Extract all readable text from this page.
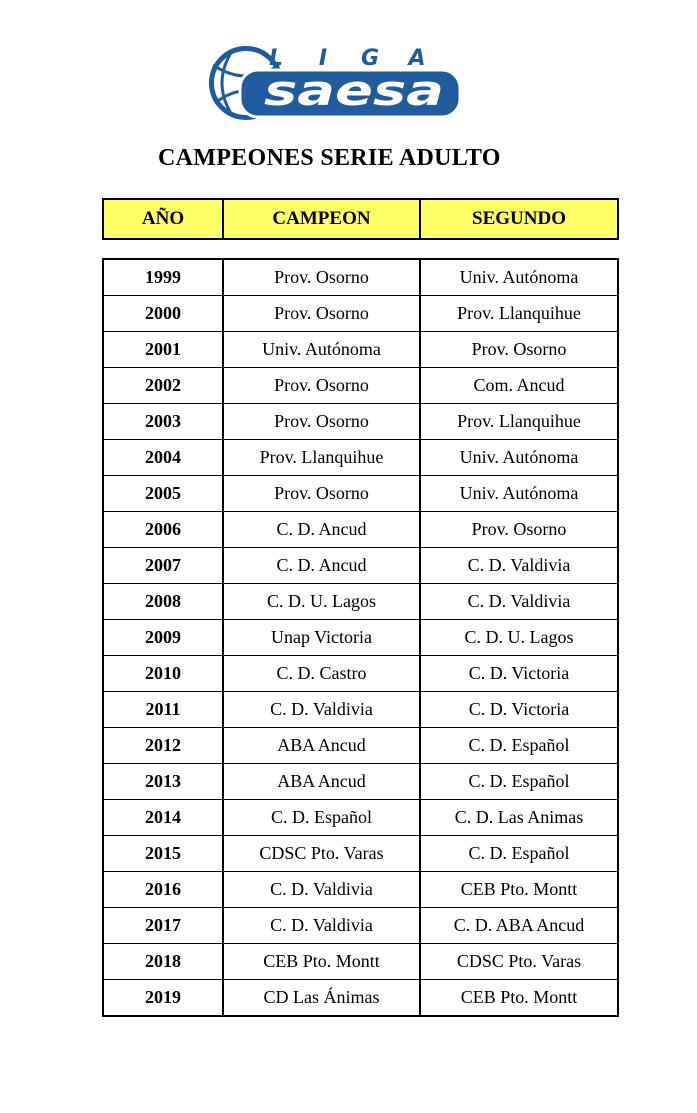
L I G A
saesa
CAMPEONES SERIE ADULTO
AÑO	CAMPEON	SEGUNDO
1999	Prov. Osorno	Univ. Autónoma
2000	Prov. Osorno	Prov. Llanquihue
2001	Univ. Autónoma	Prov. Osorno
2002	Prov. Osorno	Com. Ancud
2003	Prov. Osorno	Prov. Llanquihue
2004	Prov. Llanquihue	Univ. Autónoma
2005	Prov. Osorno	Univ. Autónoma
2006	C. D. Ancud	Prov. Osorno
2007	C. D. Ancud	C. D. Valdivia
2008	C. D. U. Lagos	C. D. Valdivia
2009	Unap Victoria	C. D. U. Lagos
2010	C. D. Castro	C. D. Victoria
2011	C. D. Valdivia	C. D. Victoria
2012	ABA Ancud	C. D. Español
2013	ABA Ancud	C. D. Español
2014	C. D. Español	C. D. Las Animas
2015	CDSC Pto. Varas	C. D. Español
2016	C. D. Valdivia	CEB Pto. Montt
2017	C. D. Valdivia	C. D. ABA Ancud
2018	CEB Pto. Montt	CDSC Pto. Varas
2019	CD Las Ánimas	CEB Pto. Montt
